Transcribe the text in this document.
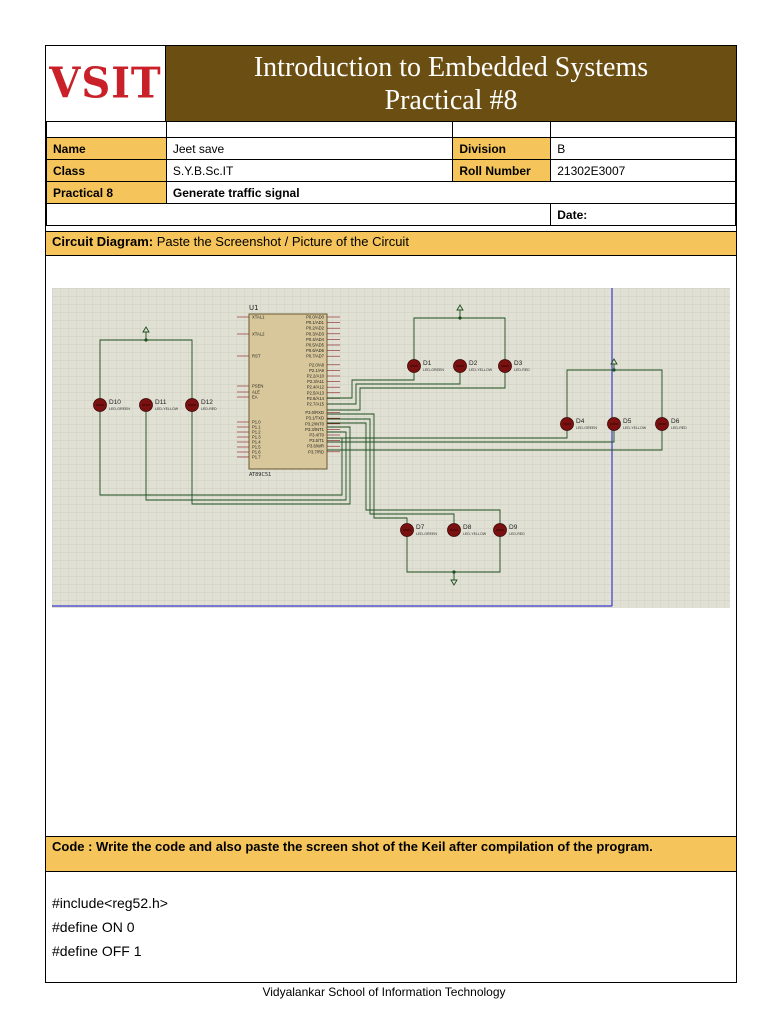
VSIT	Introduction to Embedded Systems
Practical #8

Name	Jeet save	Division	B
Class	S.Y.B.Sc.IT	Roll Number	21302E3007
Practical 8	Generate traffic signal		
			Date:
Circuit Diagram: Paste the Screenshot / Picture of the Circuit
U1
AT89C51
XTAL1
XTAL2
RST
PSEN
ALE
EA
P1.0
P1.1
P1.2
P1.3
P1.4
P1.5
P1.6
P1.7
P0.0/AD0
P0.1/AD1
P0.2/AD2
P0.3/AD3
P0.4/AD4
P0.5/AD5
P0.6/AD6
P0.7/AD7
P2.0/A8
P2.1/A9
P2.2/A10
P2.3/A11
P2.4/A12
P2.5/A13
P2.6/A14
P2.7/A15
P3.0/RXD
P3.1/TXD
P3.2/INT0
P3.3/INT1
P3.4/T0
P3.5/T1
P3.6/WR
P3.7/RD
D10
LED-GREEN
D11
LED-YELLOW
D12
LED-RED
D1
LED-GREEN
D2
LED-YELLOW
D3
LED-RED
D4
LED-GREEN
D5
LED-YELLOW
D6
LED-RED
D7
LED-GREEN
D8
LED-YELLOW
D9
LED-RED
Code : Write the code and also paste the screen shot of the Keil after compilation of the program.
#include<reg52.h>
#define ON 0
#define OFF 1
Vidyalankar School of Information Technology
